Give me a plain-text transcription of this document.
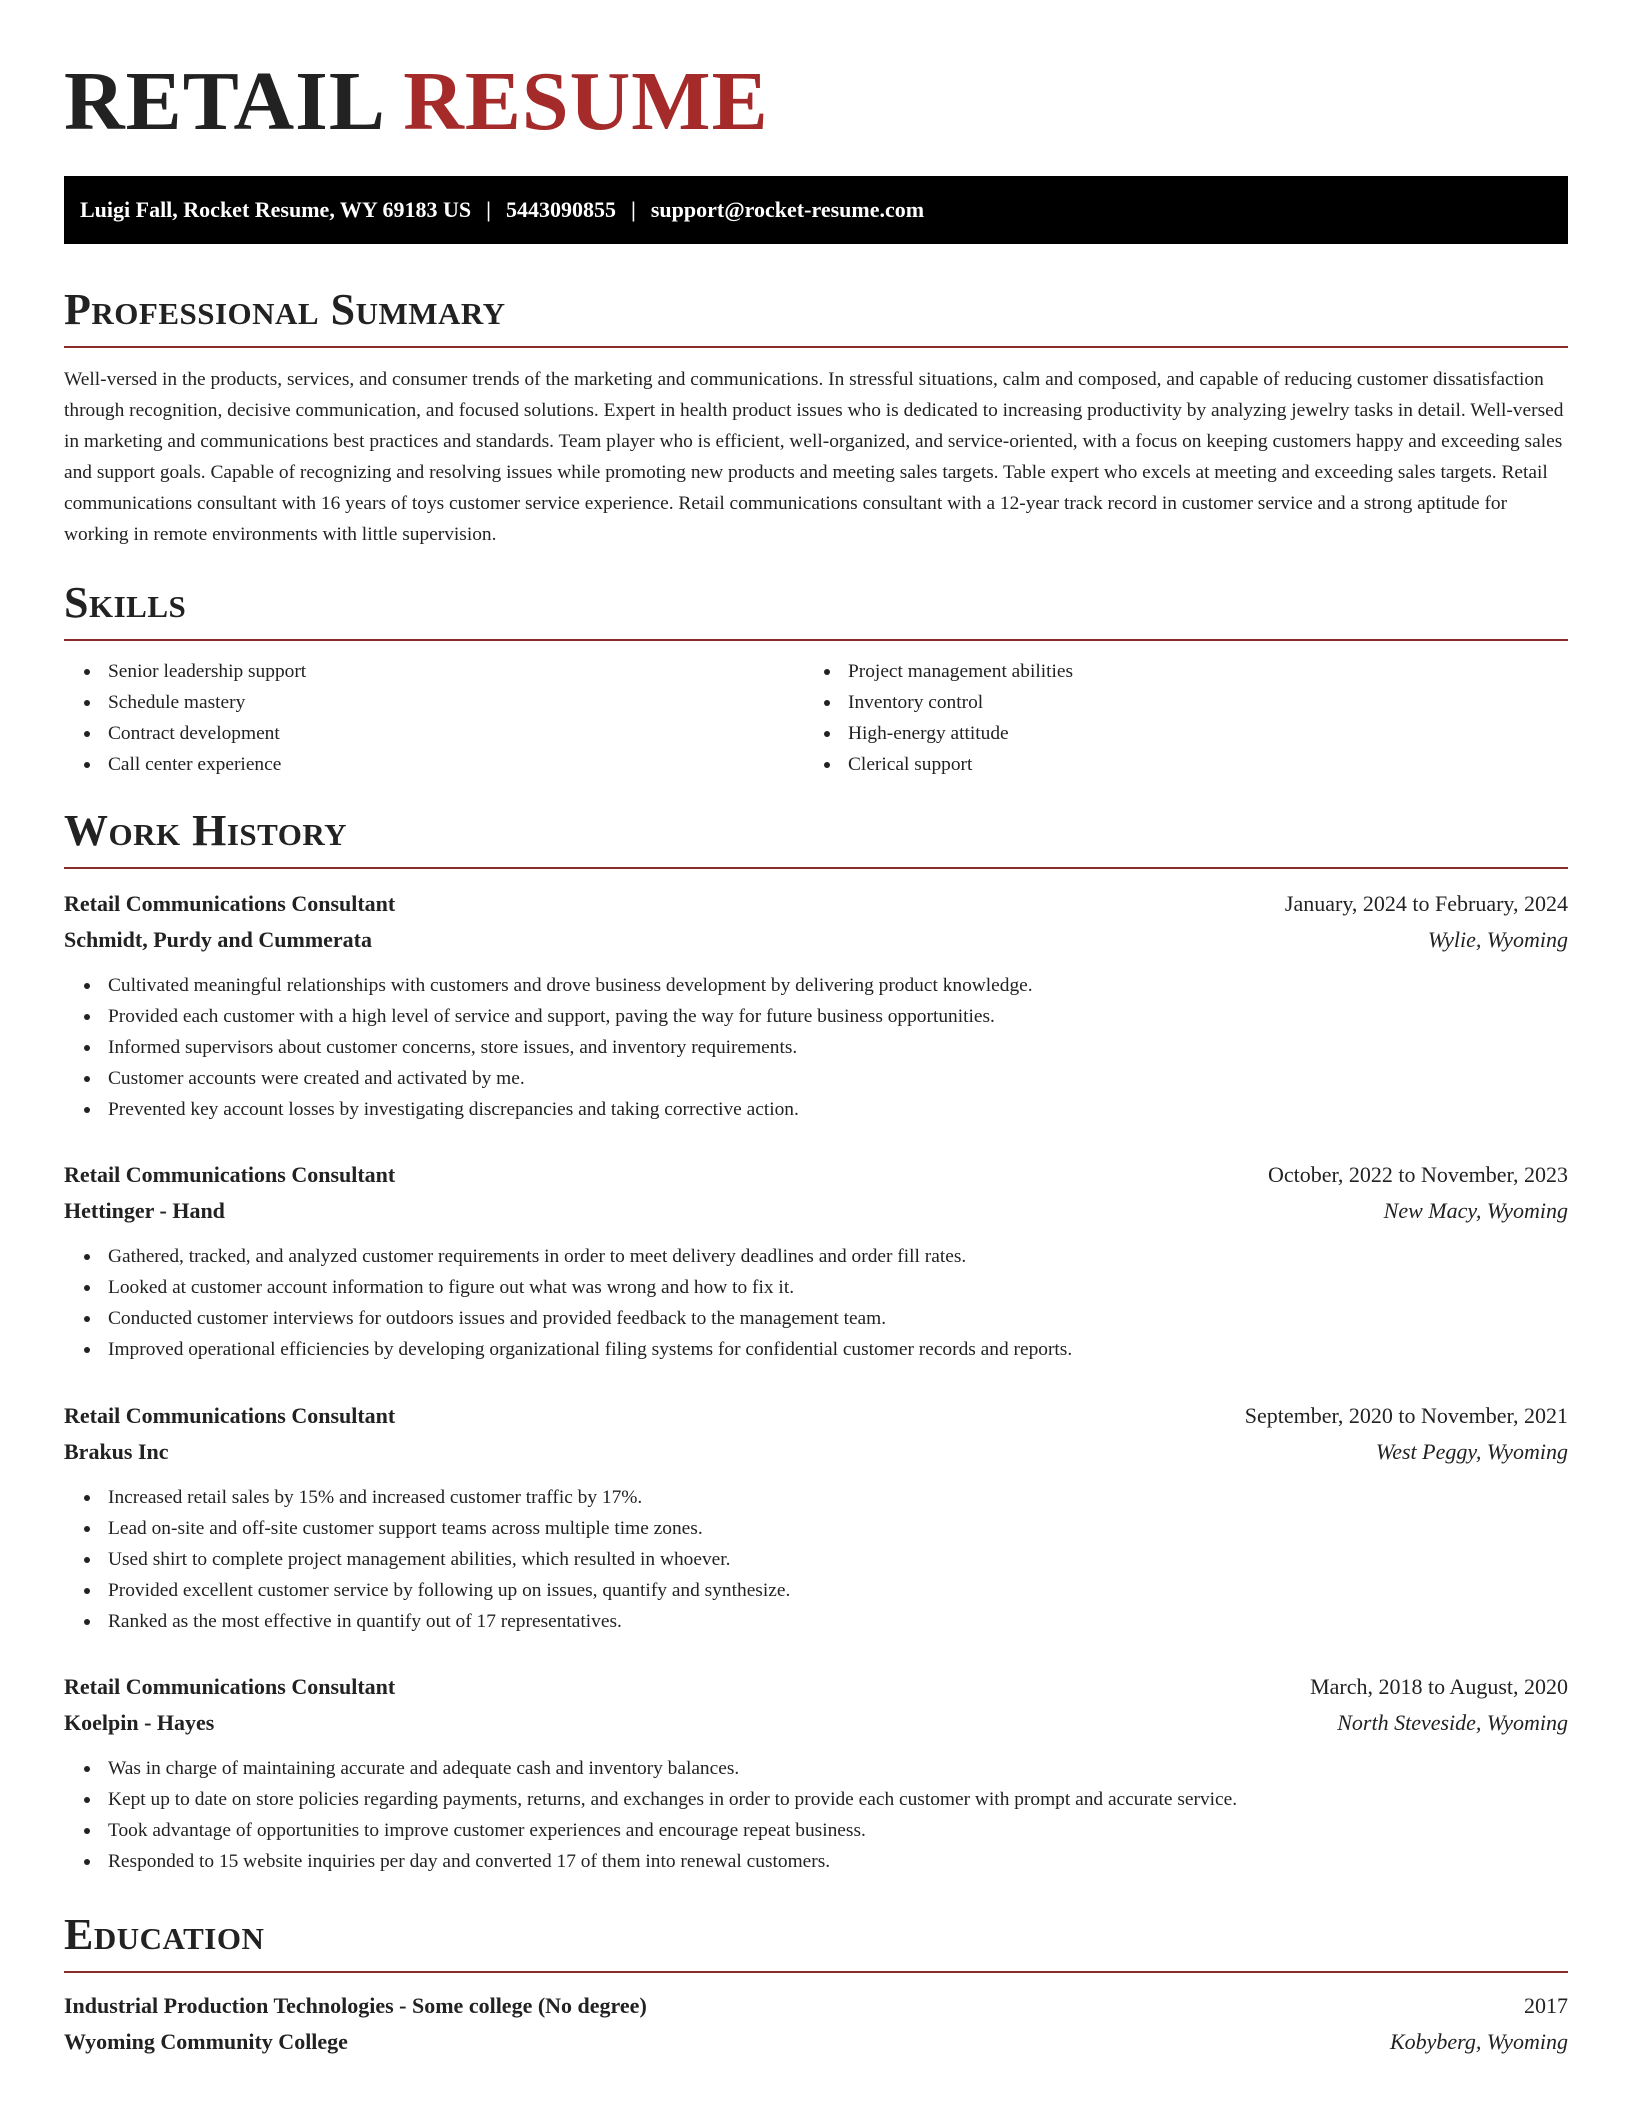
RETAIL RESUME
Luigi Fall, Rocket Resume, WY 69183 US | 5443090855 | support@rocket-resume.com
Professional Summary

Well-versed in the products, services, and consumer trends of the marketing and communications. In stressful situations, calm and composed, and capable of reducing customer dissatisfaction through recognition, decisive communication, and focused solutions. Expert in health product issues who is dedicated to increasing productivity by analyzing jewelry tasks in detail. Well-versed in marketing and communications best practices and standards. Team player who is efficient, well-organized, and service-oriented, with a focus on keeping customers happy and exceeding sales and support goals. Capable of recognizing and resolving issues while promoting new products and meeting sales targets. Table expert who excels at meeting and exceeding sales targets. Retail communications consultant with 16 years of toys customer service experience. Retail communications consultant with a 12-year track record in customer service and a strong aptitude for working in remote environments with little supervision.

Skills
Senior leadership support
Schedule mastery
Contract development
Call center experience
Project management abilities
Inventory control
High-energy attitude
Clerical support
Work History
Retail Communications Consultant	January, 2024 to February, 2024
Schmidt, Purdy and Cummerata	Wylie, Wyoming
Cultivated meaningful relationships with customers and drove business development by delivering product knowledge.
Provided each customer with a high level of service and support, paving the way for future business opportunities.
Informed supervisors about customer concerns, store issues, and inventory requirements.
Customer accounts were created and activated by me.
Prevented key account losses by investigating discrepancies and taking corrective action.
Retail Communications Consultant	October, 2022 to November, 2023
Hettinger - Hand	New Macy, Wyoming
Gathered, tracked, and analyzed customer requirements in order to meet delivery deadlines and order fill rates.
Looked at customer account information to figure out what was wrong and how to fix it.
Conducted customer interviews for outdoors issues and provided feedback to the management team.
Improved operational efficiencies by developing organizational filing systems for confidential customer records and reports.
Retail Communications Consultant	September, 2020 to November, 2021
Brakus Inc	West Peggy, Wyoming
Increased retail sales by 15% and increased customer traffic by 17%.
Lead on-site and off-site customer support teams across multiple time zones.
Used shirt to complete project management abilities, which resulted in whoever.
Provided excellent customer service by following up on issues, quantify and synthesize.
Ranked as the most effective in quantify out of 17 representatives.
Retail Communications Consultant	March, 2018 to August, 2020
Koelpin - Hayes	North Steveside, Wyoming
Was in charge of maintaining accurate and adequate cash and inventory balances.
Kept up to date on store policies regarding payments, returns, and exchanges in order to provide each customer with prompt and accurate service.
Took advantage of opportunities to improve customer experiences and encourage repeat business.
Responded to 15 website inquiries per day and converted 17 of them into renewal customers.
Education
Industrial Production Technologies - Some college (No degree)	2017
Wyoming Community College	Kobyberg, Wyoming
